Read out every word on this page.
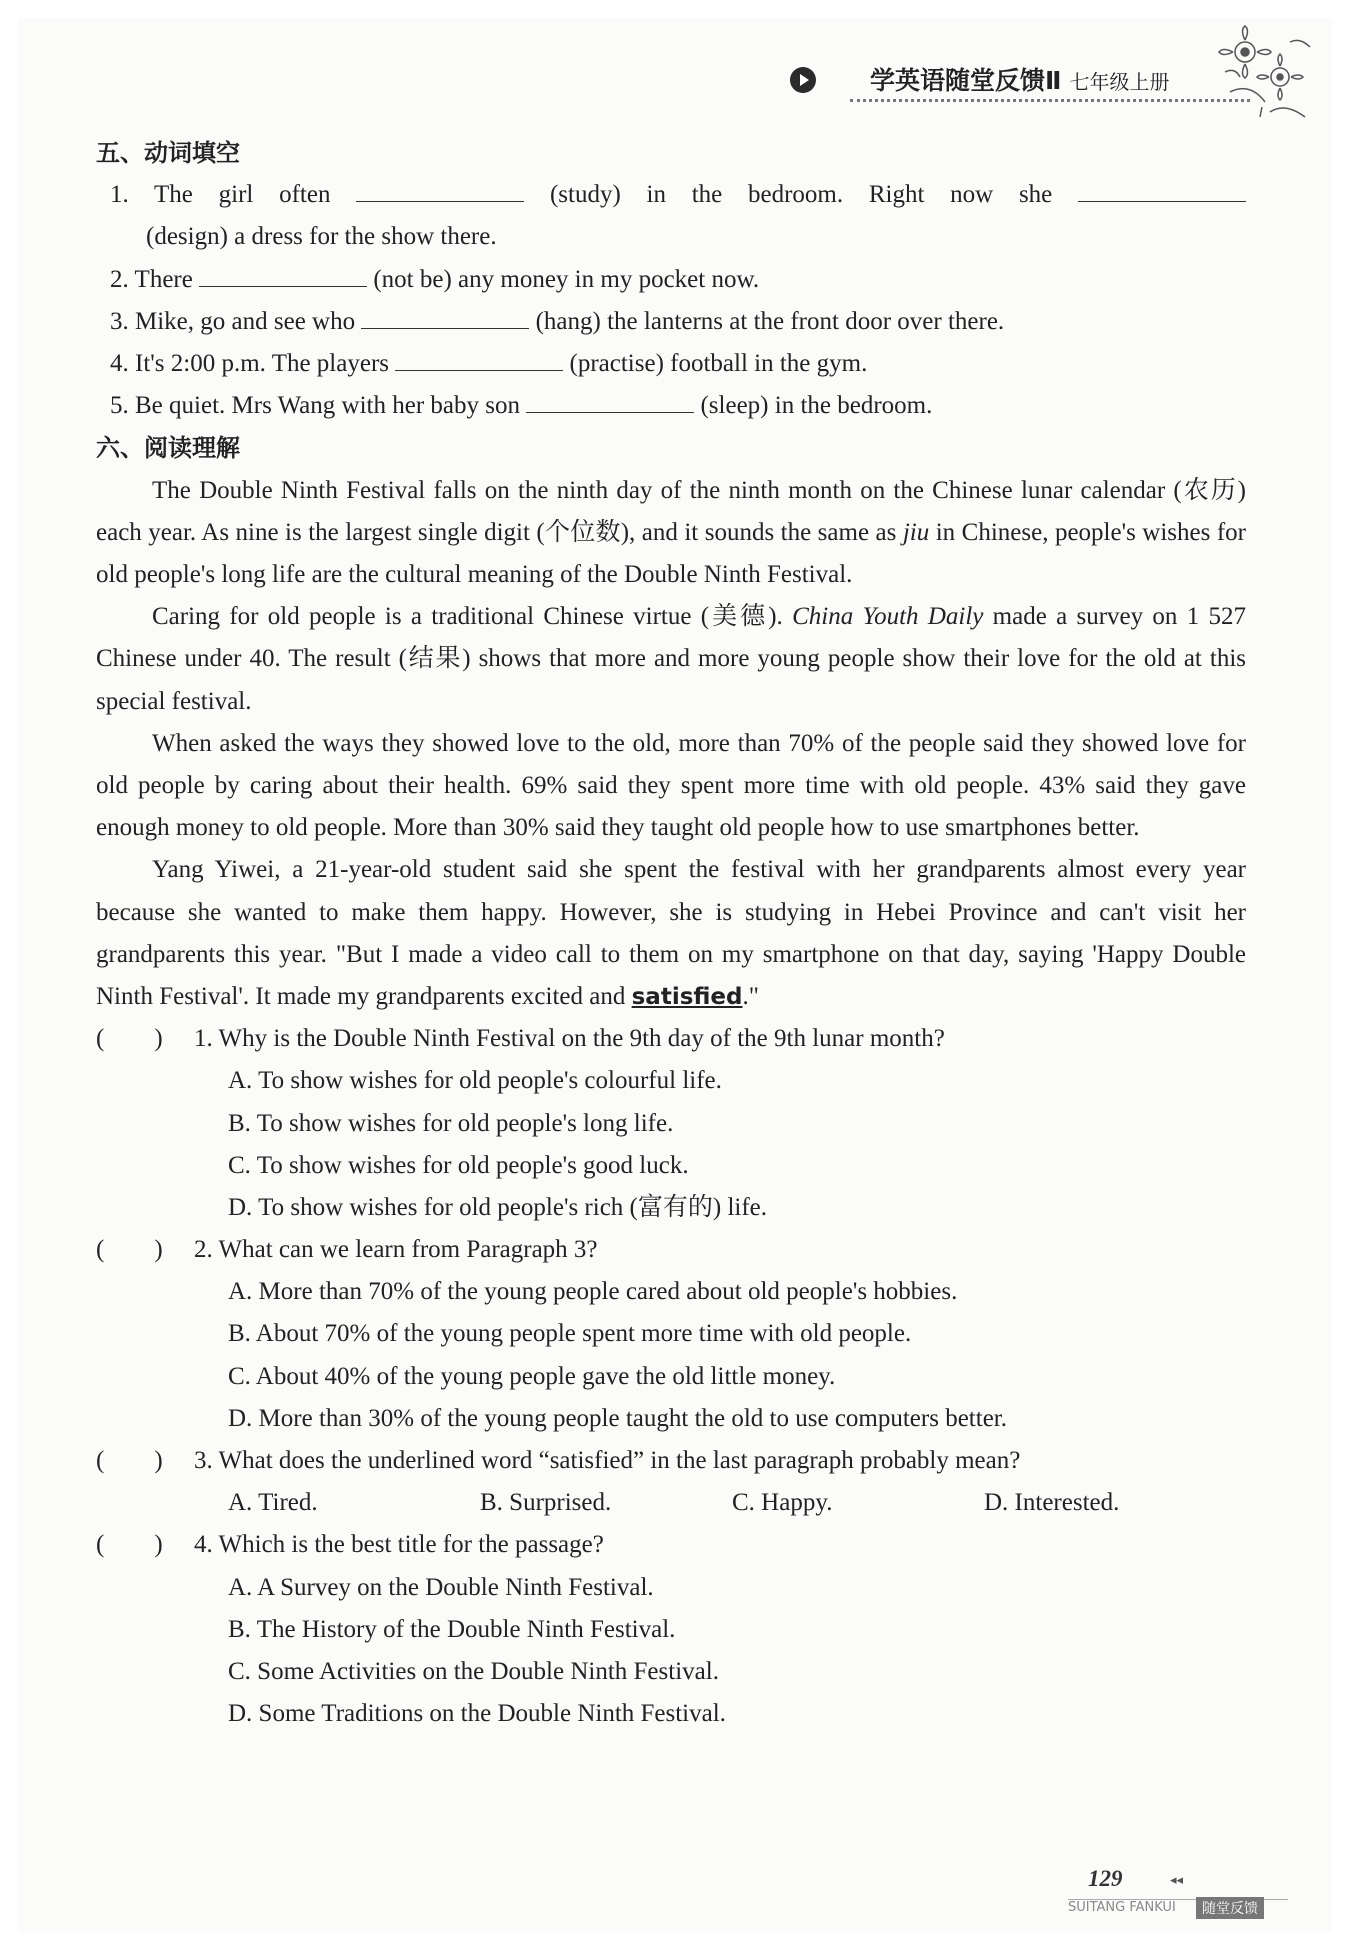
学英语随堂反馈Ⅱ 七年级上册
五、动词填空
1. The girl often	(study) in the bedroom. Right now she
(design) a dress for the show there.
2. There	(not be) any money in my pocket now.
3. Mike, go and see who	(hang) the lanterns at the front door over there.
4. It's 2:00 p.m. The players	(practise) football in the gym.
5. Be quiet. Mrs Wang with her baby son	(sleep) in the bedroom.
六、阅读理解

The Double Ninth Festival falls on the ninth day of the ninth month on the Chinese lunar calendar (农历) each year. As nine is the largest single digit (个位数), and it sounds the same as jiu in Chinese, people's wishes for old people's long life are the cultural meaning of the Double Ninth Festival.

Caring for old people is a traditional Chinese virtue (美德). China Youth Daily made a survey on 1 527 Chinese under 40. The result (结果) shows that more and more young people show their love for the old at this special festival.

When asked the ways they showed love to the old, more than 70% of the people said they showed love for old people by caring about their health. 69% said they spent more time with old people. 43% said they gave enough money to old people. More than 30% said they taught old people how to use smartphones better.

Yang Yiwei, a 21-year-old student said she spent the festival with her grandparents almost every year because she wanted to make them happy. However, she is studying in Hebei Province and can't visit her grandparents this year. "But I made a video call to them on my smartphone on that day, saying 'Happy Double Ninth Festival'. It made my grandparents excited and satisfied."

(　　) 1. Why is the Double Ninth Festival on the 9th day of the 9th lunar month?
A. To show wishes for old people's colourful life.
B. To show wishes for old people's long life.
C. To show wishes for old people's good luck.
D. To show wishes for old people's rich (富有的) life.
(　　) 2. What can we learn from Paragraph 3?
A. More than 70% of the young people cared about old people's hobbies.
B. About 70% of the young people spent more time with old people.
C. About 40% of the young people gave the old little money.
D. More than 30% of the young people taught the old to use computers better.
(　　) 3. What does the underlined word “satisfied” in the last paragraph probably mean?
A. Tired.	B. Surprised.	C. Happy.	D. Interested.
(　　) 4. Which is the best title for the passage?
A. A Survey on the Double Ninth Festival.
B. The History of the Double Ninth Festival.
C. Some Activities on the Double Ninth Festival.
D. Some Traditions on the Double Ninth Festival.
129	◂◂
SUITANG FANKUI	随堂反馈
